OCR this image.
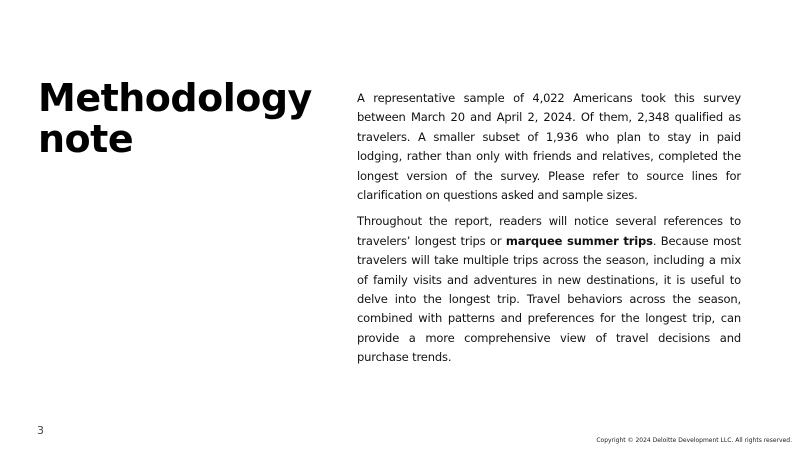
Methodology
note

A representative sample of 4,022 Americans took this survey between March 20 and April 2, 2024. Of them, 2,348 qualified as travelers. A smaller subset of 1,936 who plan to stay in paid lodging, rather than only with friends and relatives, completed the longest version of the survey. Please refer to source lines for clarification on questions asked and sample sizes.

Throughout the report, readers will notice several references to travelers’ longest trips or marquee summer trips. Because most travelers will take multiple trips across the season, including a mix of family visits and adventures in new destinations, it is useful to delve into the longest trip. Travel behaviors across the season, combined with patterns and preferences for the longest trip, can provide a more comprehensive view of travel decisions and purchase trends.

3
Copyright © 2024 Deloitte Development LLC. All rights reserved.
